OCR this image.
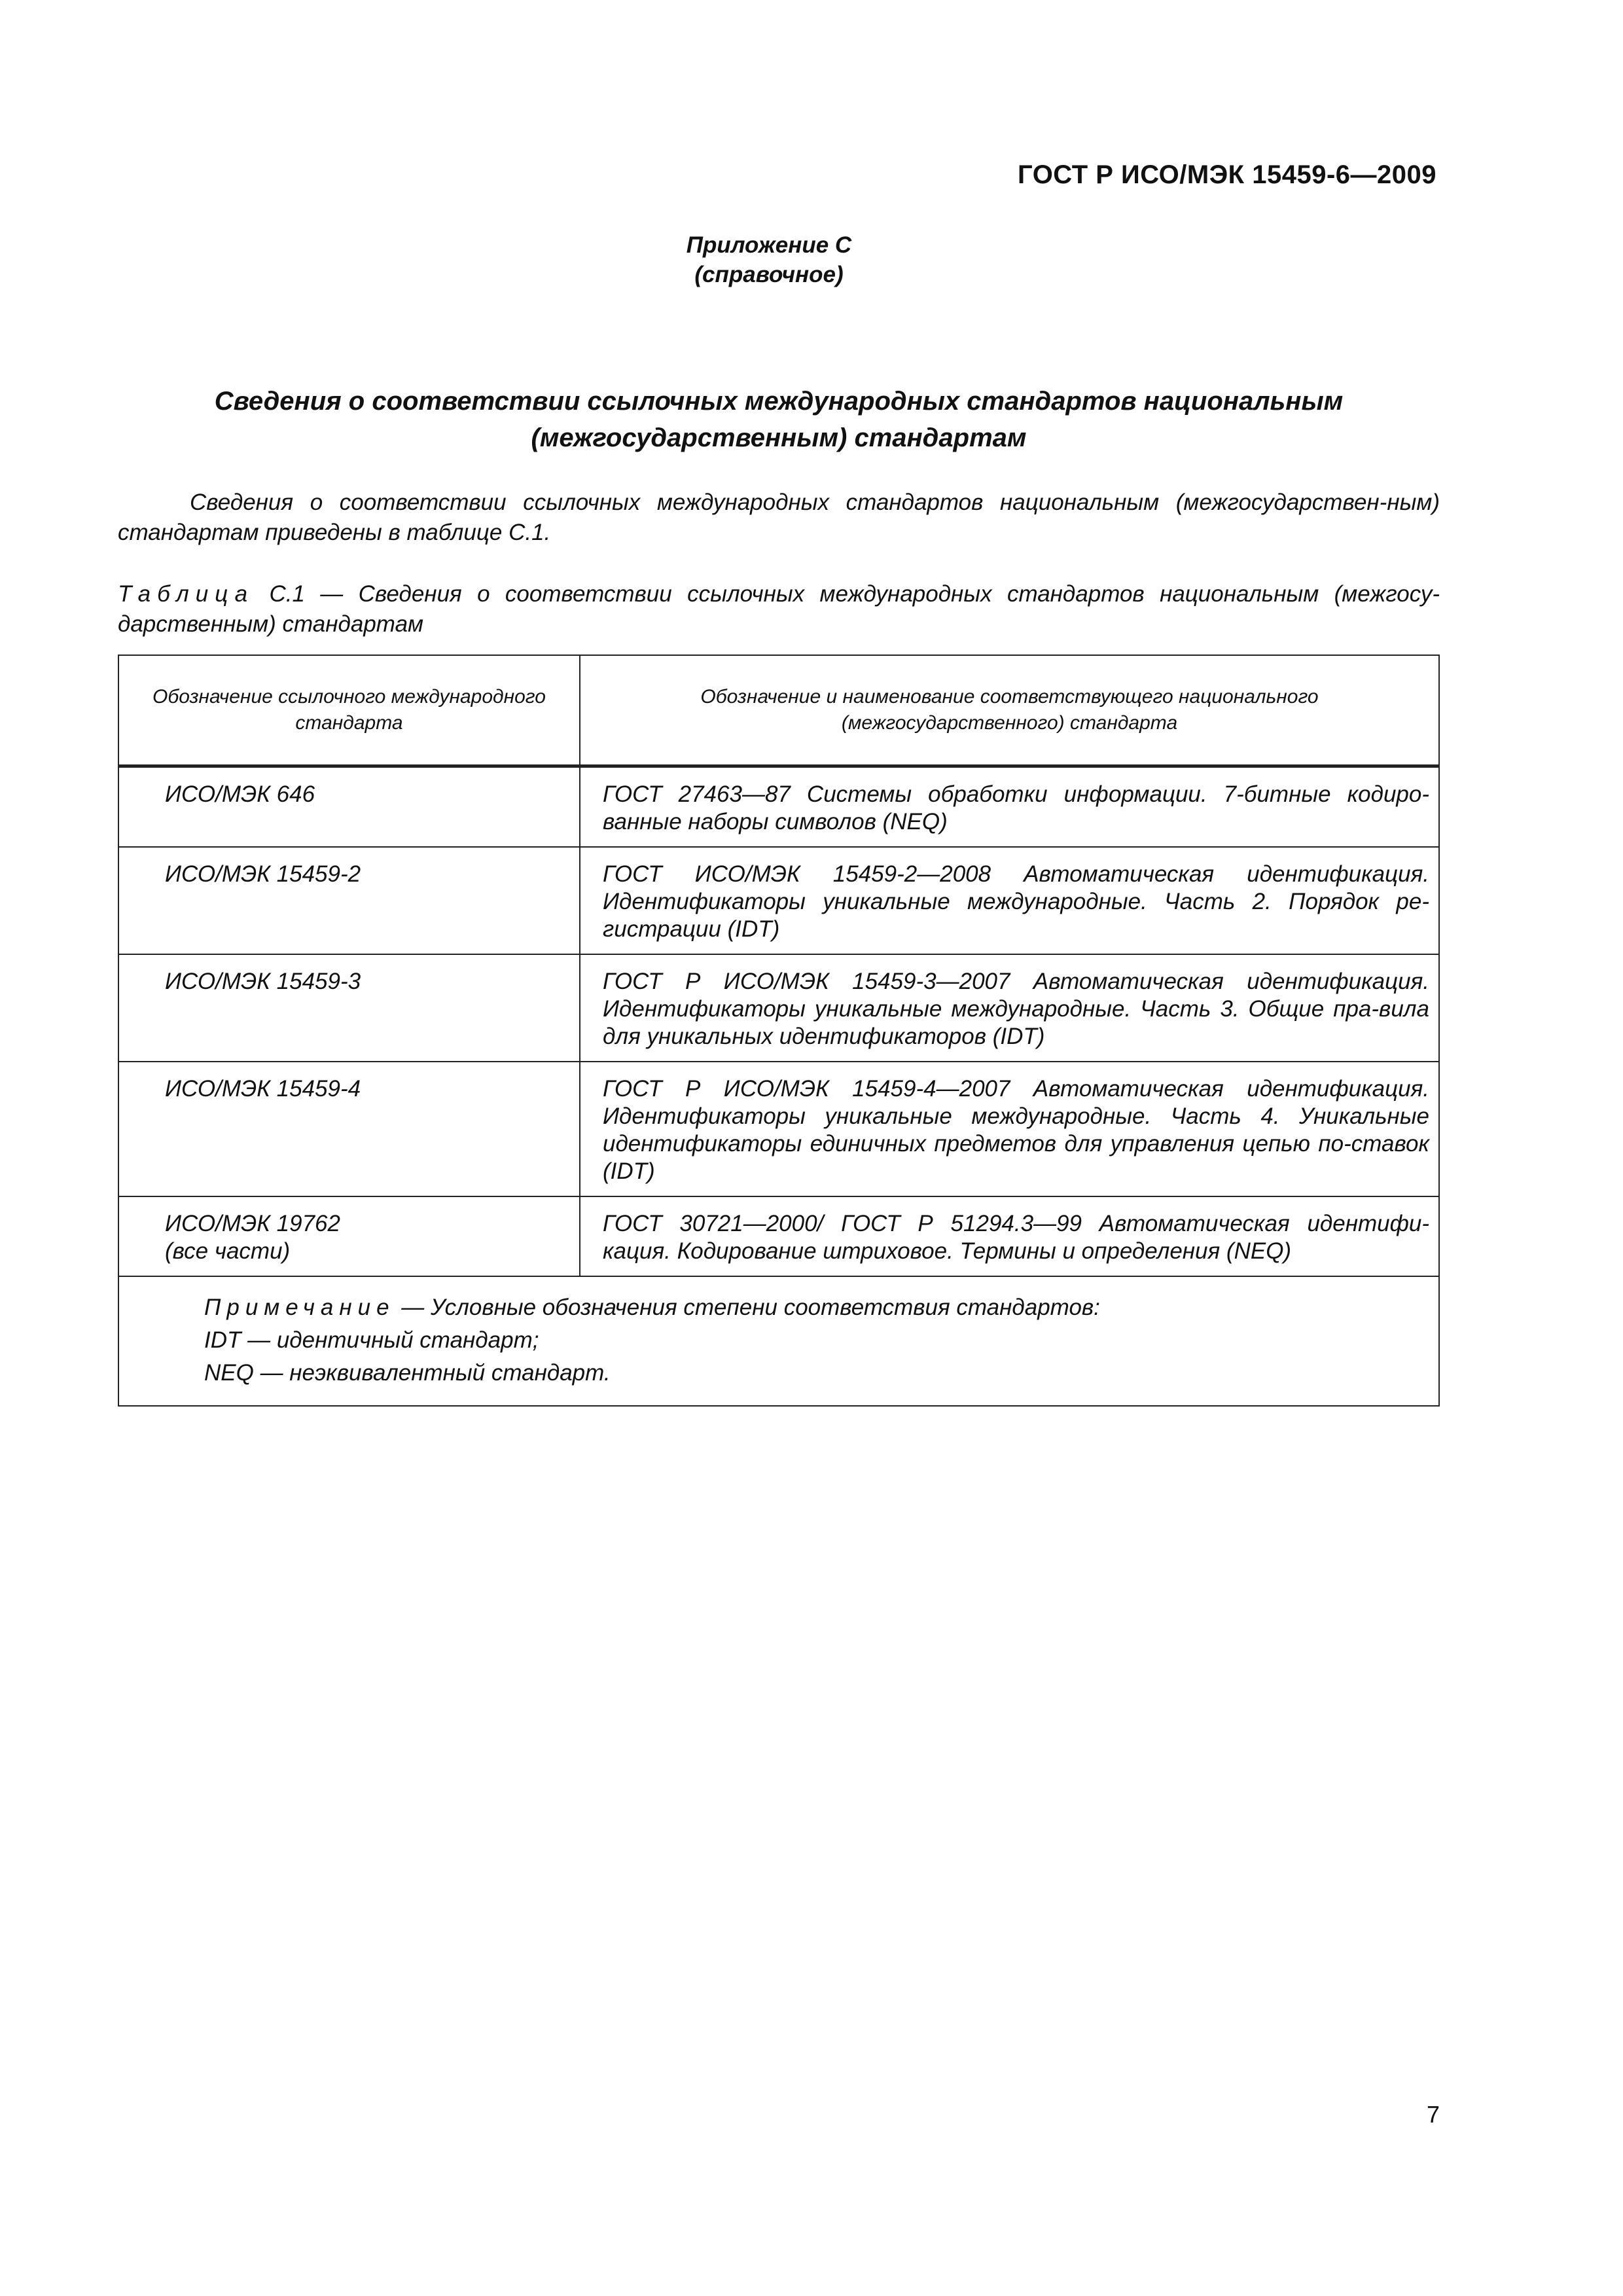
ГОСТ Р ИСО/МЭК 15459-6—2009
Приложение С
(справочное)
Сведения о соответствии ссылочных международных стандартов национальным
(межгосударственным) стандартам
Сведения о соответствии ссылочных международных стандартов национальным (межгосударствен-ным) стандартам приведены в таблице С.1.
Таблица С.1 — Сведения о соответствии ссылочных международных стандартов национальным (межгосу-дарственным) стандартам
Обозначение ссылочного международного стандарта	Обозначение и наименование соответствующего национального (межгосударственного) стандарта
ИСО/МЭК 646	ГОСТ 27463—87 Системы обработки информации. 7-битные кодиро-ванные наборы символов (NEQ)
ИСО/МЭК 15459-2	ГОСТ ИСО/МЭК 15459-2—2008 Автоматическая идентификация. Идентификаторы уникальные международные. Часть 2. Порядок ре-гистрации (IDT)
ИСО/МЭК 15459-3	ГОСТ Р ИСО/МЭК 15459-3—2007 Автоматическая идентификация. Идентификаторы уникальные международные. Часть 3. Общие пра-вила для уникальных идентификаторов (IDT)
ИСО/МЭК 15459-4	ГОСТ Р ИСО/МЭК 15459-4—2007 Автоматическая идентификация. Идентификаторы уникальные международные. Часть 4. Уникальные идентификаторы единичных предметов для управления цепью по-ставок (IDT)

ИСО/МЭК 19762
(все части)	ГОСТ 30721—2000/ ГОСТ Р 51294.3—99 Автоматическая идентифи-кация. Кодирование штриховое. Термины и определения (NEQ)

Примечание — Условные обозначения степени соответствия стандартов:
IDT — идентичный стандарт;
NEQ — неэквивалентный стандарт.	
7
